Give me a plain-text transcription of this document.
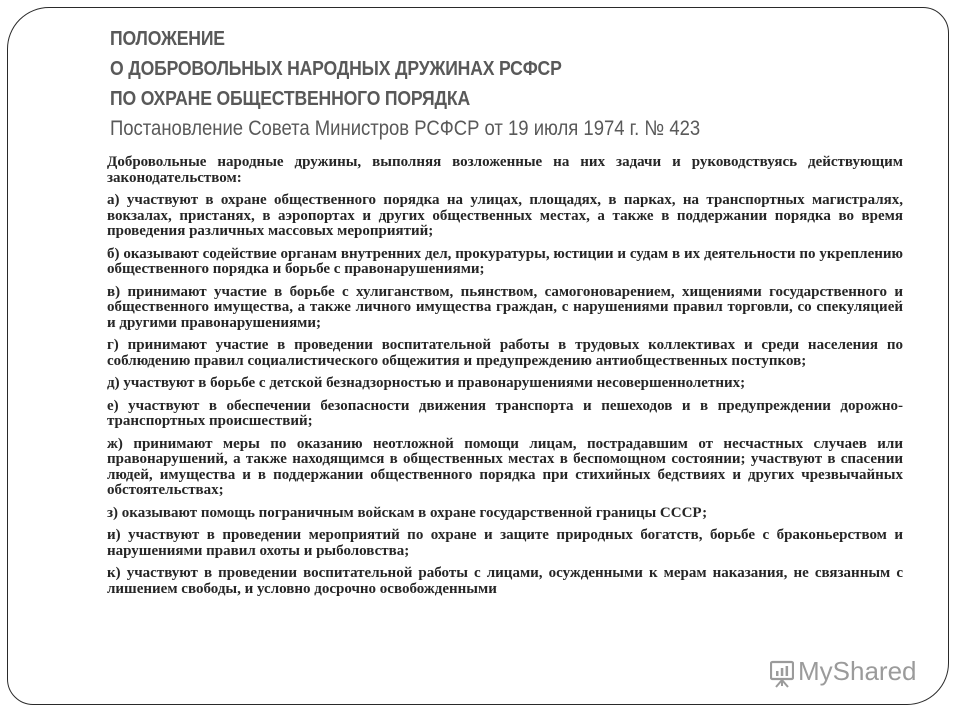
ПОЛОЖЕНИЕ
О ДОБРОВОЛЬНЫХ НАРОДНЫХ ДРУЖИНАХ РСФСР
ПО ОХРАНЕ ОБЩЕСТВЕННОГО ПОРЯДКА
Постановление Совета Министров РСФСР от 19 июля 1974 г. № 423

Добровольные народные дружины, выполняя возложенные на них задачи и руководствуясь действующим законодательством:

а) участвуют в охране общественного порядка на улицах, площадях, в парках, на транспортных магистралях, вокзалах, пристанях, в аэропортах и других общественных местах, а также в поддержании порядка во время проведения различных массовых мероприятий;

б) оказывают содействие органам внутренних дел, прокуратуры, юстиции и судам в их деятельности по укреплению общественного порядка и борьбе с правонарушениями;

в) принимают участие в борьбе с хулиганством, пьянством, самогоноварением, хищениями государственного и общественного имущества, а также личного имущества граждан, с нарушениями правил торговли, со спекуляцией и другими правонарушениями;

г) принимают участие в проведении воспитательной работы в трудовых коллективах и среди населения по соблюдению правил социалистического общежития и предупреждению антиобщественных поступков;

д) участвуют в борьбе с детской безнадзорностью и правонарушениями несовершеннолетних;

е) участвуют в обеспечении безопасности движения транспорта и пешеходов и в предупреждении дорожно-транспортных происшествий;

ж) принимают меры по оказанию неотложной помощи лицам, пострадавшим от несчастных случаев или правонарушений, а также находящимся в общественных местах в беспомощном состоянии; участвуют в спасении людей, имущества и в поддержании общественного порядка при стихийных бедствиях и других чрезвычайных обстоятельствах;

з) оказывают помощь пограничным войскам в охране государственной границы СССР;

и) участвуют в проведении мероприятий по охране и защите природных богатств, борьбе с браконьерством и нарушениями правил охоты и рыболовства;

к) участвуют в проведении воспитательной работы с лицами, осужденными к мерам наказания, не связанным с лишением свободы, и условно досрочно освобожденными

MyShared
